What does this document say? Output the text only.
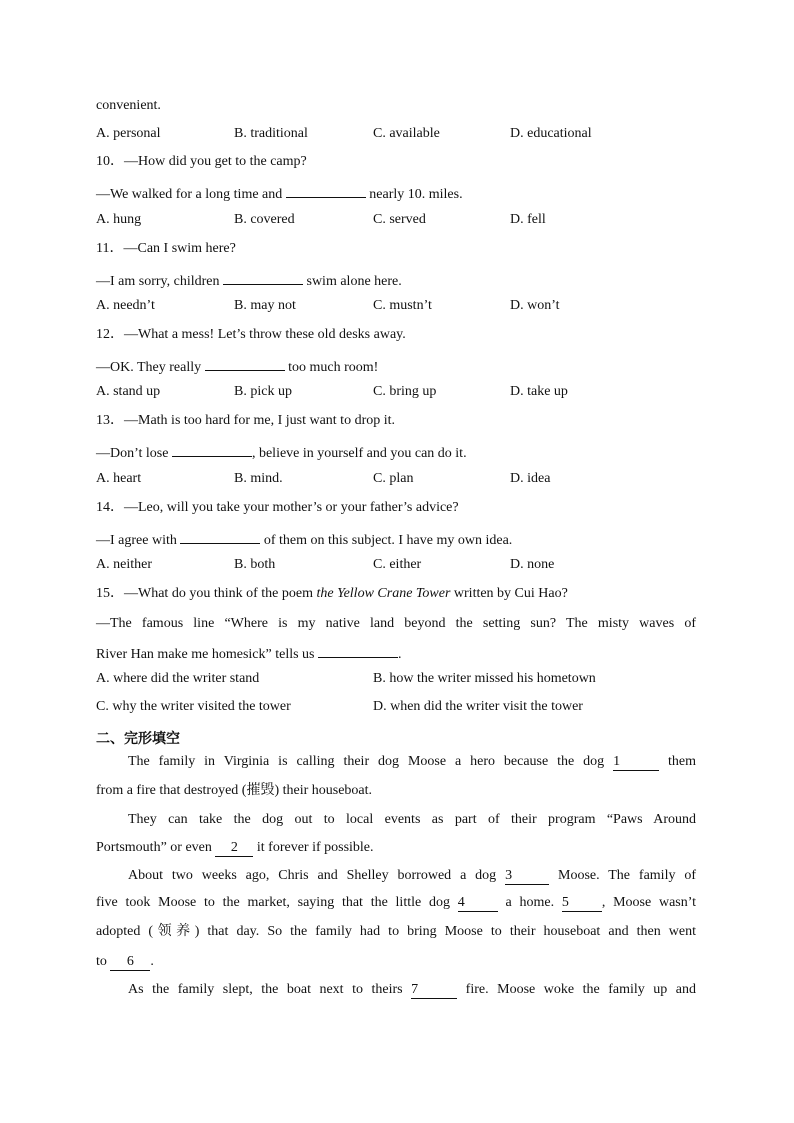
convenient.
A. personal	B. traditional	C. available	D. educational
10．—How did you get to the camp?
—We walked for a long time and	nearly 10. miles.
A. hung	B. covered	C. served	D. fell
11．—Can I swim here?
—I am sorry, children	swim alone here.
A. needn’t	B. may not	C. mustn’t	D. won’t
12．—What a mess! Let’s throw these old desks away.
—OK. They really	too much room!
A. stand up	B. pick up	C. bring up	D. take up
13．—Math is too hard for me, I just want to drop it.
—Don’t lose	, believe in yourself and you can do it.
A. heart	B. mind.	C. plan	D. idea
14．—Leo, will you take your mother’s or your father’s advice?
—I agree with	of them on this subject. I have my own idea.
A. neither	B. both	C. either	D. none
15．—What do you think of the poem the Yellow Crane Tower written by Cui Hao?
—The famous line “Where is my native land beyond the setting sun? The misty waves of
River Han make me homesick” tells us	.
A. where did the writer stand	B. how the writer missed his hometown
C. why the writer visited the tower	D. when did the writer visit the tower
二、完形填空
The family in Virginia is calling their dog Moose a hero because the dog 1	them
from a fire that destroyed (摧毁) their houseboat.
They can take the dog out to local events as part of their program “Paws Around
Portsmouth” or even 2 it forever if possible.
About two weeks ago, Chris and Shelley borrowed a dog 3	Moose. The family of
five took Moose to the market, saying that the little dog 4	a home. 5 , Moose wasn’t
adopted (领养) that day. So the family had to bring Moose to their houseboat and then went
to 6 .
As the family slept, the boat next to theirs 7	fire. Moose woke the family up and
